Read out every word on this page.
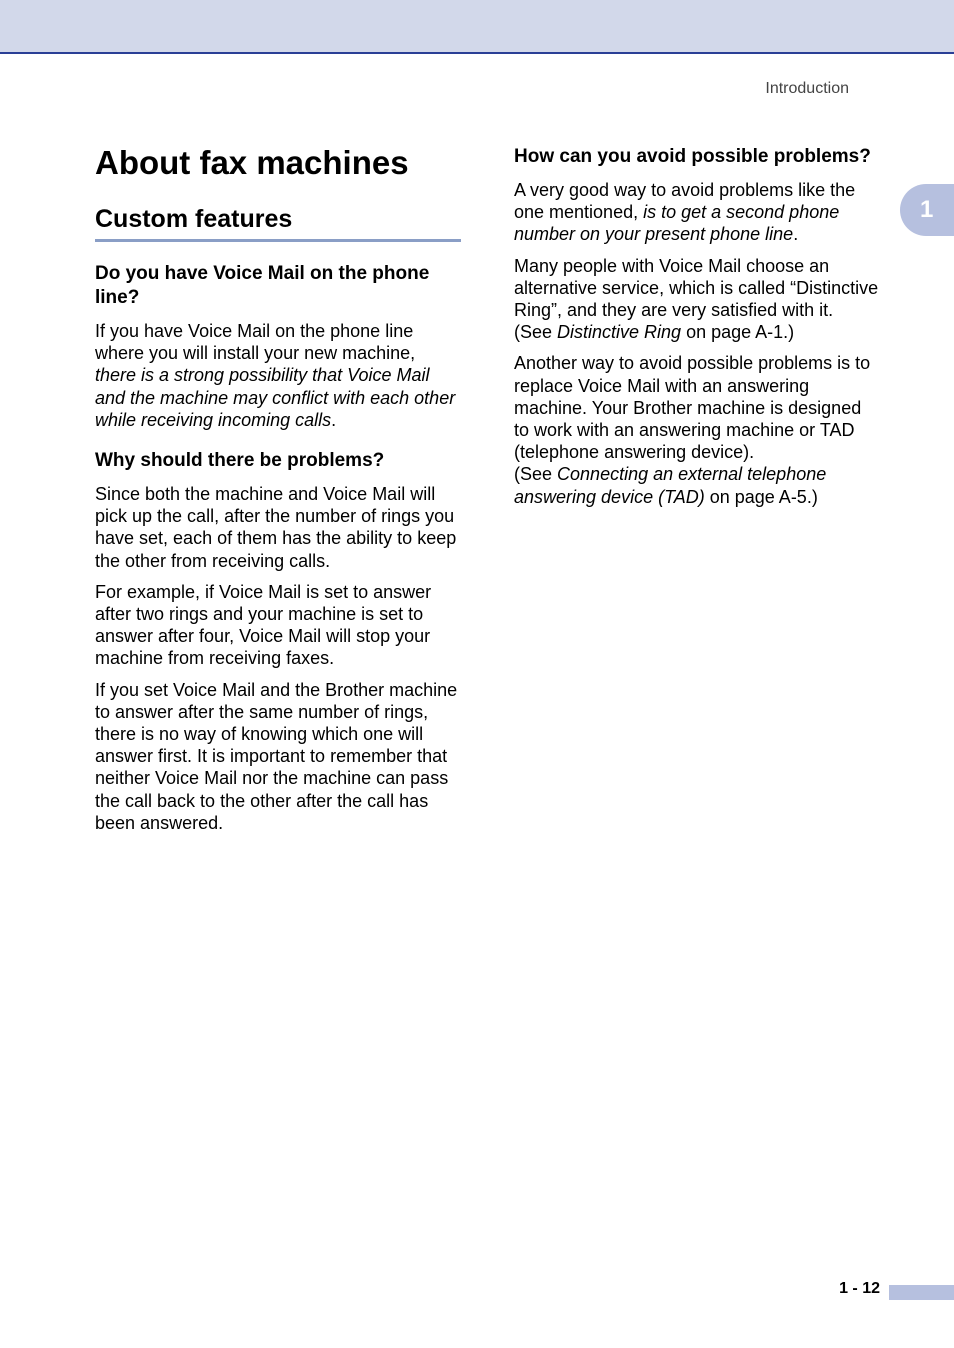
Introduction
1
About fax machines
Custom features
Do you have Voice Mail on the phone line?

If you have Voice Mail on the phone line where you will install your new machine, there is a strong possibility that Voice Mail and the machine may conflict with each other while receiving incoming calls.

Why should there be problems?

Since both the machine and Voice Mail will pick up the call, after the number of rings you have set, each of them has the ability to keep the other from receiving calls.

For example, if Voice Mail is set to answer after two rings and your machine is set to answer after four, Voice Mail will stop your machine from receiving faxes.

If you set Voice Mail and the Brother machine to answer after the same number of rings, there is no way of knowing which one will answer first. It is important to remember that neither Voice Mail nor the machine can pass the call back to the other after the call has been answered.

How can you avoid possible problems?

A very good way to avoid problems like the one mentioned, is to get a second phone number on your present phone line.

Many people with Voice Mail choose an alternative service, which is called “Distinctive Ring”, and they are very satisfied with it.
(See Distinctive Ring on page A-1.)

Another way to avoid possible problems is to replace Voice Mail with an answering machine. Your Brother machine is designed to work with an answering machine or TAD (telephone answering device).
(See Connecting an external telephone answering device (TAD) on page A-5.)

1 - 12
